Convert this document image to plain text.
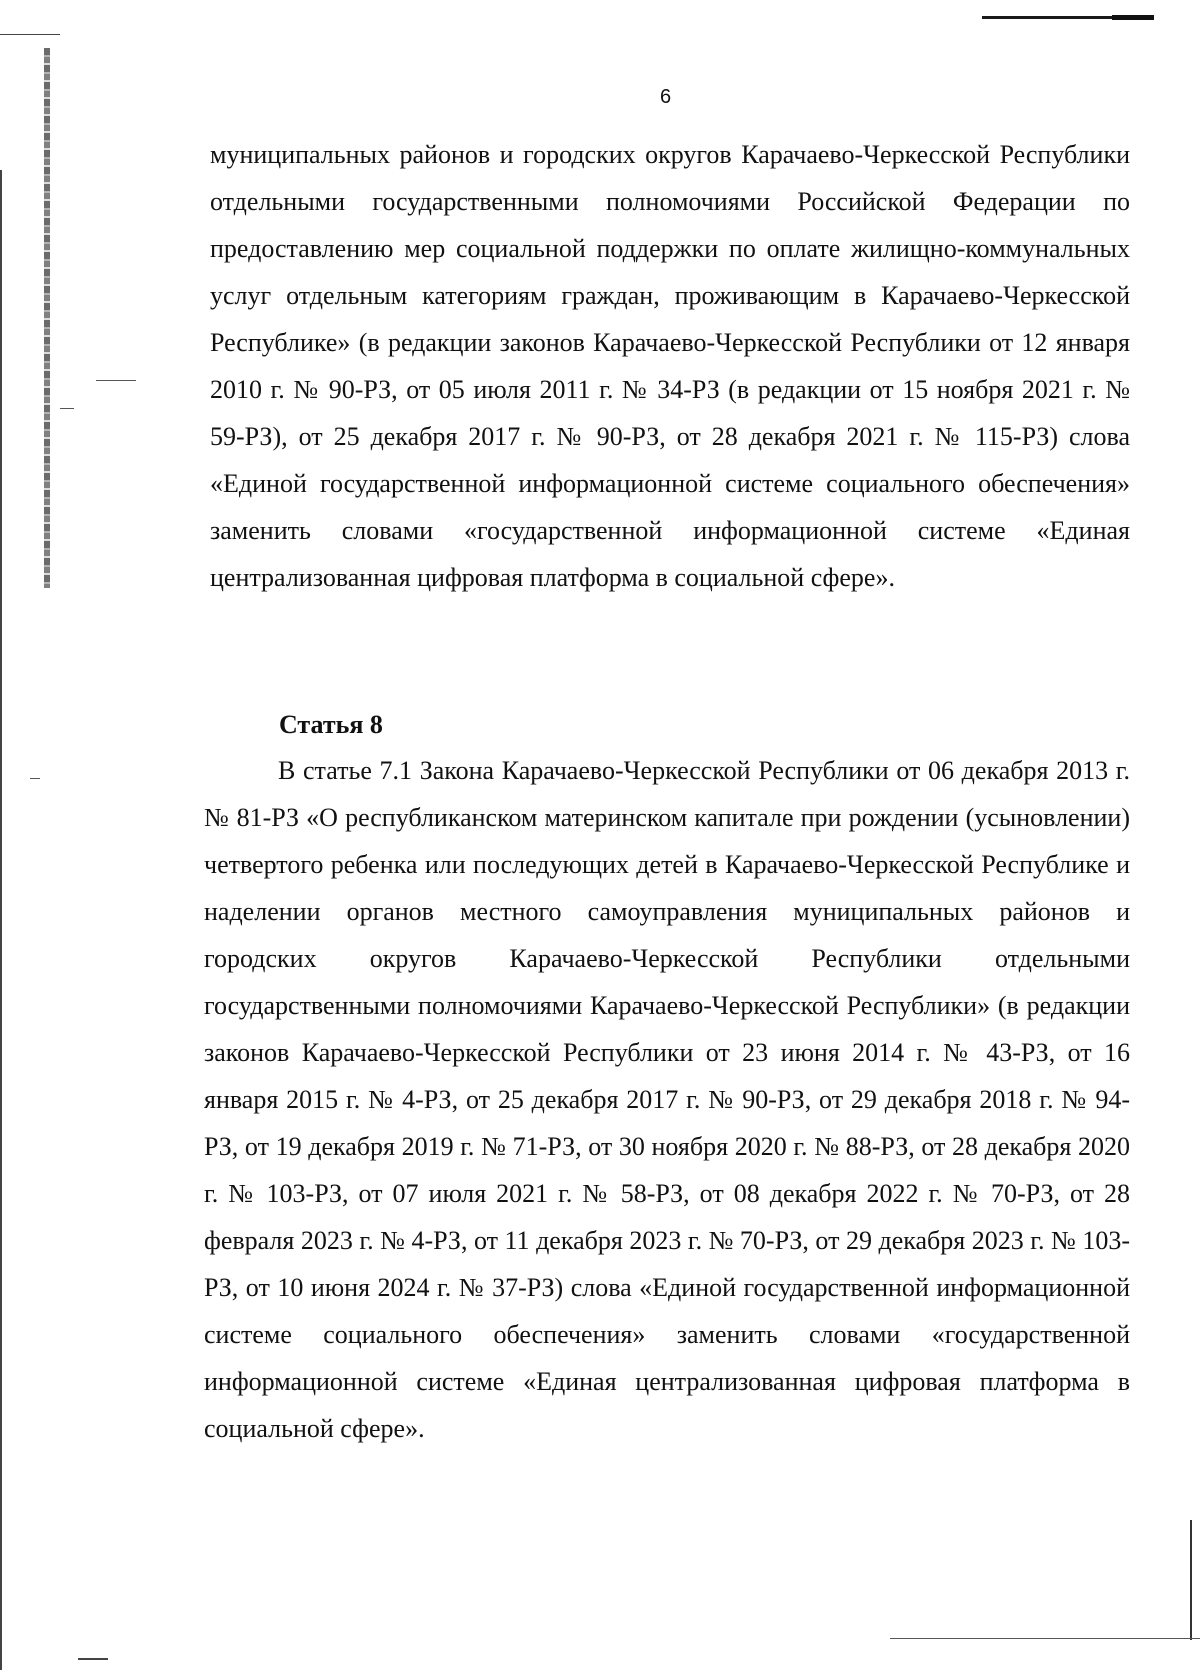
6

муниципальных районов и городских округов Карачаево-Черкесской Республики отдельными государственными полномочиями Российской Федерации по предоставлению мер социальной поддержки по оплате жилищно-коммунальных услуг отдельным категориям граждан, проживающим в Карачаево-Черкесской Республике» (в редакции законов Карачаево-Черкесской Республики от 12 января 2010 г. № 90-РЗ, от 05 июля 2011 г. № 34-РЗ (в редакции от 15 ноября 2021 г. № 59-РЗ), от 25 декабря 2017 г. № 90-РЗ, от 28 декабря 2021 г. № 115-РЗ) слова «Единой государственной информационной системе социального обеспечения» заменить словами «государственной информационной системе «Единая централизованная цифровая платформа в социальной сфере».

Статья 8

В статье 7.1 Закона Карачаево-Черкесской Республики от 06 декабря 2013 г. № 81-РЗ «О республиканском материнском капитале при рождении (усыновлении) четвертого ребенка или последующих детей в Карачаево-Черкесской Республике и наделении органов местного самоуправления муниципальных районов и городских округов Карачаево-Черкесской Республики отдельными государственными полномочиями Карачаево-Черкесской Республики» (в редакции законов Карачаево-Черкесской Республики от 23 июня 2014 г. № 43-РЗ, от 16 января 2015 г. № 4-РЗ, от 25 декабря 2017 г. № 90-РЗ, от 29 декабря 2018 г. № 94-РЗ, от 19 декабря 2019 г. № 71-РЗ, от 30 ноября 2020 г. № 88-РЗ, от 28 декабря 2020 г. № 103-РЗ, от 07 июля 2021 г. № 58-РЗ, от 08 декабря 2022 г. № 70-РЗ, от 28 февраля 2023 г. № 4-РЗ, от 11 декабря 2023 г. № 70-РЗ, от 29 декабря 2023 г. № 103-РЗ, от 10 июня 2024 г. № 37-РЗ) слова «Единой государственной информационной системе социального обеспечения» заменить словами «государственной информационной системе «Единая централизованная цифровая платформа в социальной сфере».
